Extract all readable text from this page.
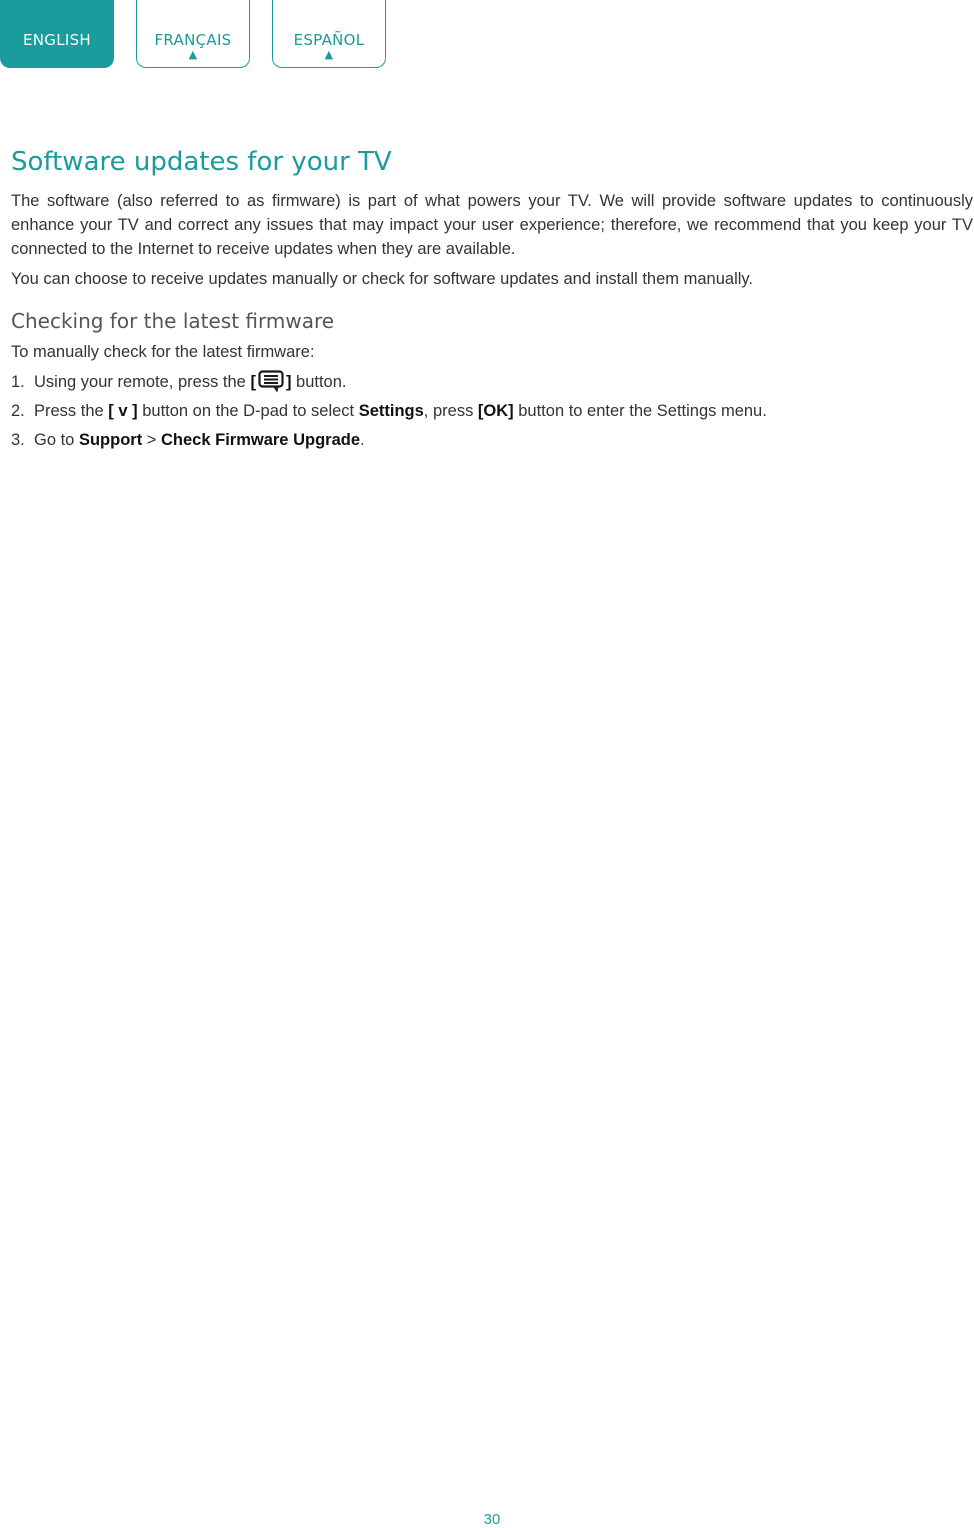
ENGLISH	FRANÇAIS
▲
ESPAÑOL
▲
Software updates for your TV

The software (also referred to as firmware) is part of what powers your TV. We will provide software updates to continuously enhance your TV and correct any issues that may impact your user experience; therefore, we recommend that you keep your TV connected to the Internet to receive updates when they are available.

You can choose to receive updates manually or check for software updates and install them manually.

Checking for the latest firmware

To manually check for the latest firmware:

1. Using your remote, press the [ ] button.
2. Press the [ v ] button on the D-pad to select Settings, press [OK] button to enter the Settings menu.
3. Go to Support > Check Firmware Upgrade.
30
